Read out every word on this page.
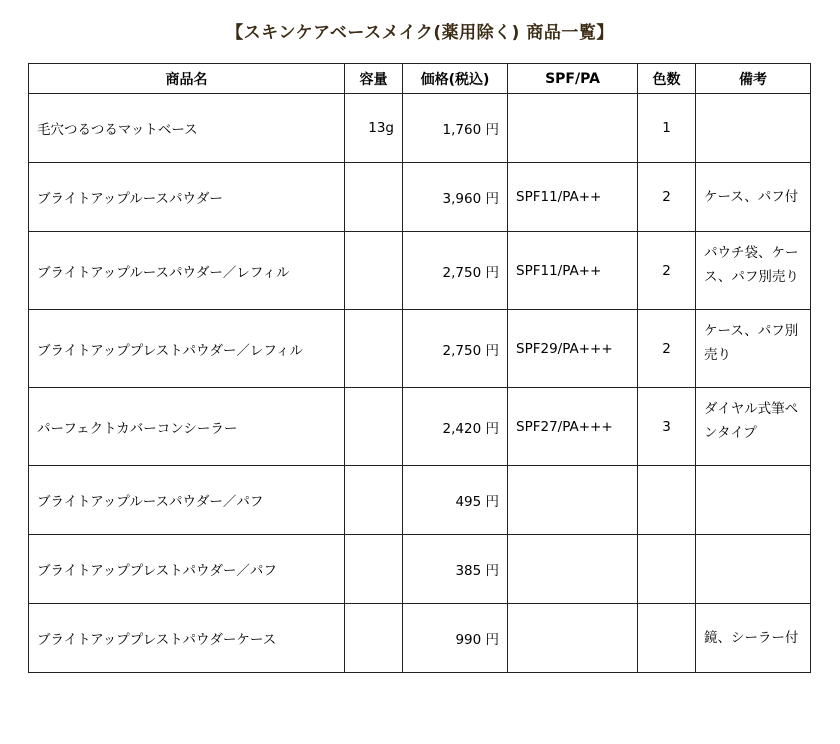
【スキンケアベースメイク(薬用除く) 商品一覧】
商品名	容量	価格(税込)	SPF/PA	色数	備考
毛穴つるつるマットベース	13g	1,760 円		1	
ブライトアップルースパウダー		3,960 円	SPF11/PA++	2	ケース、パフ付
ブライトアップルースパウダー／レフィル		2,750 円	SPF11/PA++	2	パウチ袋、ケース、パフ別売り
ブライトアッププレストパウダー／レフィル		2,750 円	SPF29/PA+++	2	ケース、パフ別売り
パーフェクトカバーコンシーラー		2,420 円	SPF27/PA+++	3	ダイヤル式筆ペンタイプ
ブライトアップルースパウダー／パフ		495 円			
ブライトアッププレストパウダー／パフ		385 円			
ブライトアッププレストパウダーケース		990 円			鏡、シーラー付
